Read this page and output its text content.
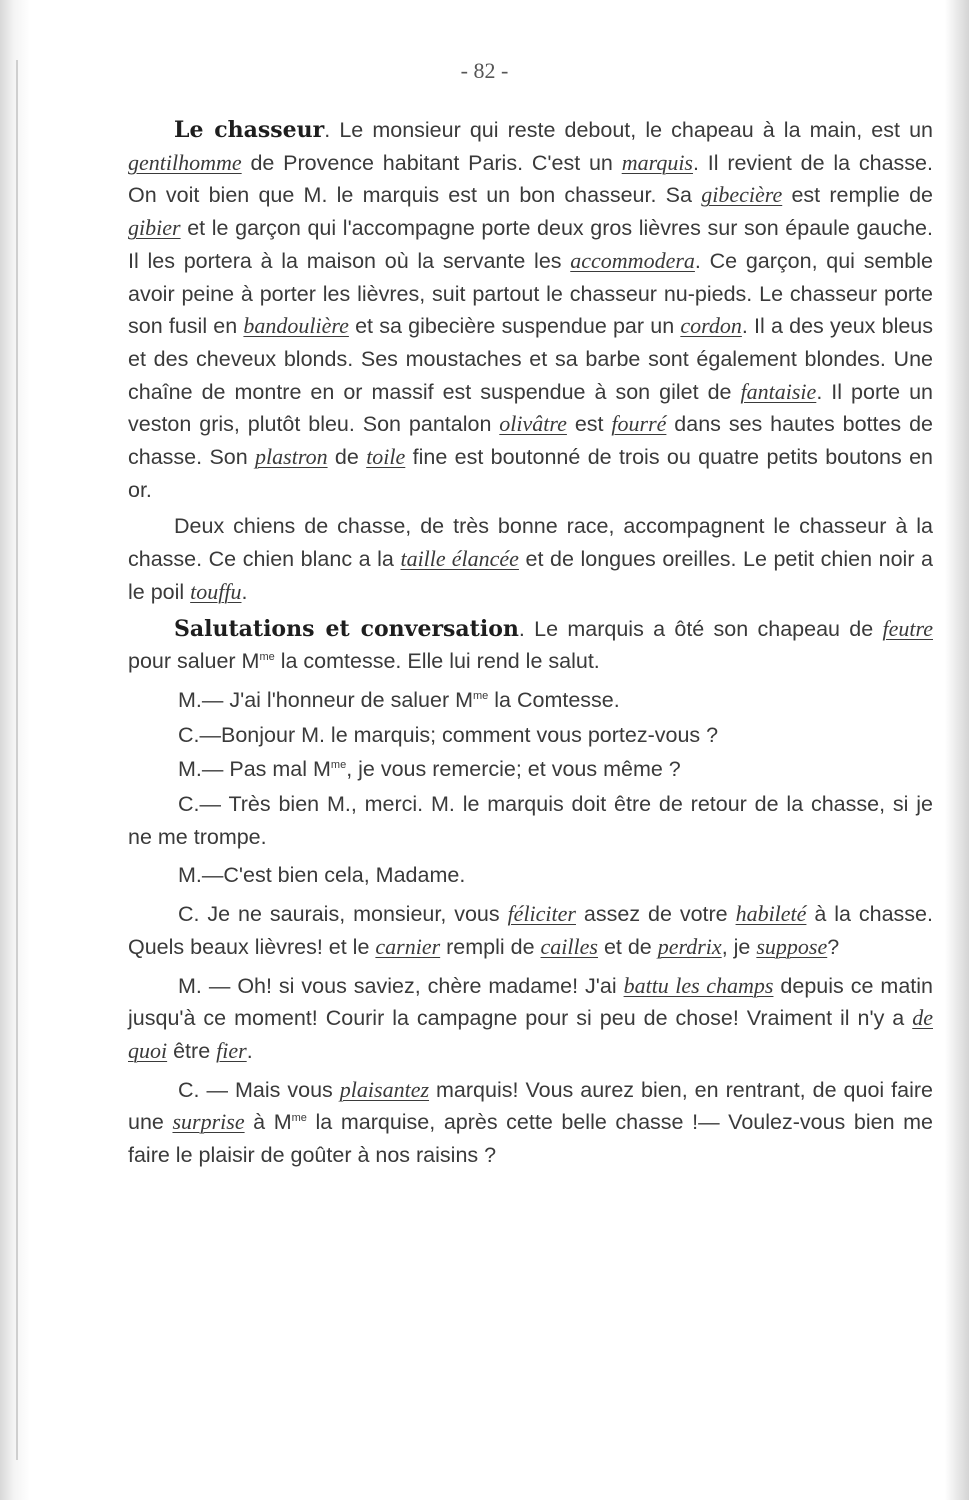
- 82 -

Le chasseur. Le monsieur qui reste debout, le chapeau à la main, est un gentilhomme de Provence habitant Paris. C'est un marquis. Il revient de la chasse. On voit bien que M. le marquis est un bon chasseur. Sa gibecière est remplie de gibier et le garçon qui l'accompagne porte deux gros lièvres sur son épaule gauche. Il les portera à la maison où la servante les accommodera. Ce garçon, qui semble avoir peine à porter les lièvres, suit partout le chasseur nu-pieds. Le chasseur porte son fusil en bandoulière et sa gibecière suspendue par un cordon. Il a des yeux bleus et des cheveux blonds. Ses moustaches et sa barbe sont également blondes. Une chaîne de montre en or massif est suspendue à son gilet de fantaisie. Il porte un veston gris, plutôt bleu. Son pantalon olivâtre est fourré dans ses hautes bottes de chasse. Son plastron de toile fine est boutonné de trois ou quatre petits boutons en or.

Deux chiens de chasse, de très bonne race, accompagnent le chasseur à la chasse. Ce chien blanc a la taille élancée et de longues oreilles. Le petit chien noir a le poil touffu.

Salutations et conversation. Le marquis a ôté son chapeau de feutre pour saluer $M^{me}$ la comtesse. Elle lui rend le salut.

M.— J'ai l'honneur de saluer $M^{me}$ la Comtesse.

C.—Bonjour M. le marquis; comment vous portez-vous ?

M.— Pas mal $M^{me}$, je vous remercie; et vous même ?

C.— Très bien M., merci. M. le marquis doit être de retour de la chasse, si je ne me trompe.

M.—C'est bien cela, Madame.

C. Je ne saurais, monsieur, vous féliciter assez de votre habileté à la chasse. Quels beaux lièvres! et le carnier rempli de cailles et de perdrix, je suppose?

M. — Oh! si vous saviez, chère madame! J'ai battu les champs depuis ce matin jusqu'à ce moment! Courir la campagne pour si peu de chose! Vraiment il n'y a de quoi être fier.

C. — Mais vous plaisantez marquis! Vous aurez bien, en rentrant, de quoi faire une surprise à $M^{me}$ la marquise, après cette belle chasse !— Voulez-vous bien me faire le plaisir de goûter à nos raisins ?
